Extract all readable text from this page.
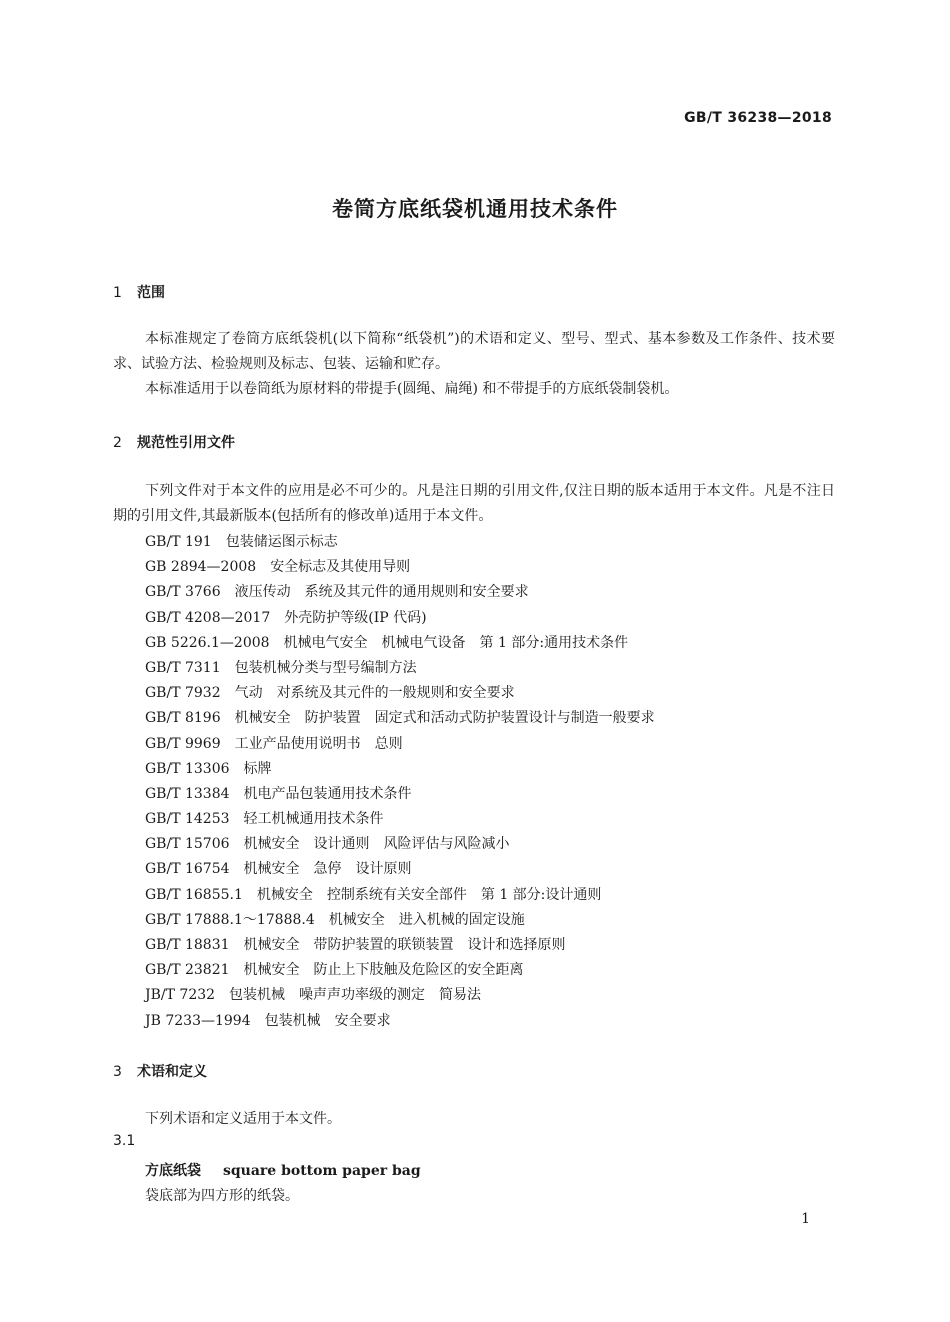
GB/T 36238—2018
卷筒方底纸袋机通用技术条件
1 范围
本标准规定了卷筒方底纸袋机(以下简称“纸袋机”)的术语和定义、型号、型式、基本参数及工作条件、技术要求、试验方法、检验规则及标志、包装、运输和贮存。
本标准适用于以卷筒纸为原材料的带提手(圆绳、扁绳) 和不带提手的方底纸袋制袋机。
2 规范性引用文件
下列文件对于本文件的应用是必不可少的。凡是注日期的引用文件,仅注日期的版本适用于本文件。凡是不注日期的引用文件,其最新版本(包括所有的修改单)适用于本文件。
GB/T 191 包装储运图示标志
GB 2894—2008 安全标志及其使用导则
GB/T 3766 液压传动　系统及其元件的通用规则和安全要求
GB/T 4208—2017 外壳防护等级(IP 代码)
GB 5226.1—2008 机械电气安全　机械电气设备　第 1 部分:通用技术条件
GB/T 7311 包装机械分类与型号编制方法
GB/T 7932 气动　对系统及其元件的一般规则和安全要求
GB/T 8196 机械安全　防护装置　固定式和活动式防护装置设计与制造一般要求
GB/T 9969 工业产品使用说明书　总则
GB/T 13306 标牌
GB/T 13384 机电产品包装通用技术条件
GB/T 14253 轻工机械通用技术条件
GB/T 15706 机械安全　设计通则　风险评估与风险减小
GB/T 16754 机械安全　急停　设计原则
GB/T 16855.1 机械安全　控制系统有关安全部件　第 1 部分:设计通则
GB/T 17888.1～17888.4 机械安全　进入机械的固定设施
GB/T 18831 机械安全　带防护装置的联锁装置　设计和选择原则
GB/T 23821 机械安全　防止上下肢触及危险区的安全距离
JB/T 7232 包装机械　噪声声功率级的测定　简易法
JB 7233—1994 包装机械　安全要求
3 术语和定义
下列术语和定义适用于本文件。
3.1
方底纸袋 square bottom paper bag
袋底部为四方形的纸袋。
1
